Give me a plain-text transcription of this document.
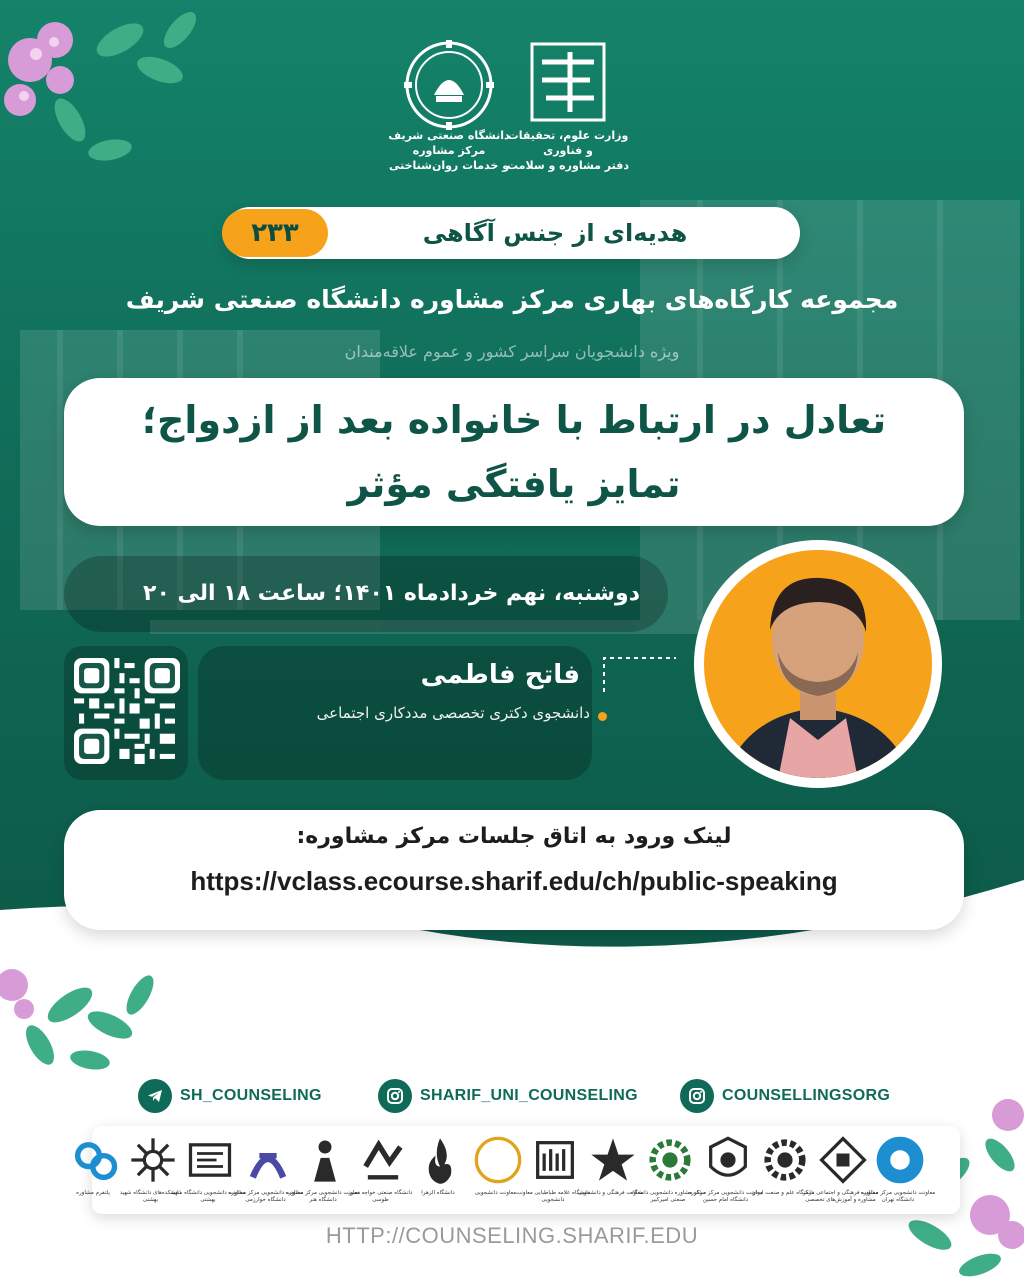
دانشگاه صنعتی شریف
مرکز مشاوره
و خدمات روان‌شناختی
وزارت علوم، تحقیقات
و فناوری
دفتر مشاوره و سلامت
۲۳۳	هدیه‌ای از جنس آگاهی
مجموعه کارگاه‌های بهاری مرکز مشاوره دانشگاه صنعتی شریف
ویژه دانشجویان سراسر کشور و عموم علاقه‌مندان
تعادل در ارتباط با خانواده بعد از ازدواج؛
تمایز یافتگی مؤثر
دوشنبه، نهم خرداد‌ماه ۱۴۰۱؛ ساعت ۱۸ الی ۲۰
فاتح فاطمی
دانشجوی دکتری تخصصی مددکاری اجتماعی
لینک ورود به اتاق جلسات مرکز مشاوره:
https://vclass.ecourse.sharif.edu/ch/public-speaking
SH_COUNSELING	SHARIF_UNI_COUNSELING	COUNSELLINGSORG
معاونت دانشجویی مرکز مشاوره دانشگاه تهران
معاونت فرهنگی و اجتماعی مرکز مشاوره و آموزش‌های تخصصی
دانشگاه علم و صنعت ایران
معاونت دانشجویی مرکز مشاوره دانشگاه امام حسین
مرکز مشاوره دانشجویی دانشگاه صنعتی امیرکبیر
معاونت فرهنگی و دانشجویی
دانشگاه علامه طباطبایی معاونت دانشجویی
معاونت دانشجویی
دانشگاه الزهرا
دانشگاه صنعتی خواجه نصیر طوسی
معاونت دانشجویی مرکز مشاوره دانشگاه هنر
معاونت دانشجویی مرکز مشاوره دانشگاه خوارزمی
معاونت دانشجویی دانشگاه شهید بهشتی
دانشکده‌های دانشگاه شهید بهشتی
پلتفرم مشاوره
HTTP://COUNSELING.SHARIF.EDU
